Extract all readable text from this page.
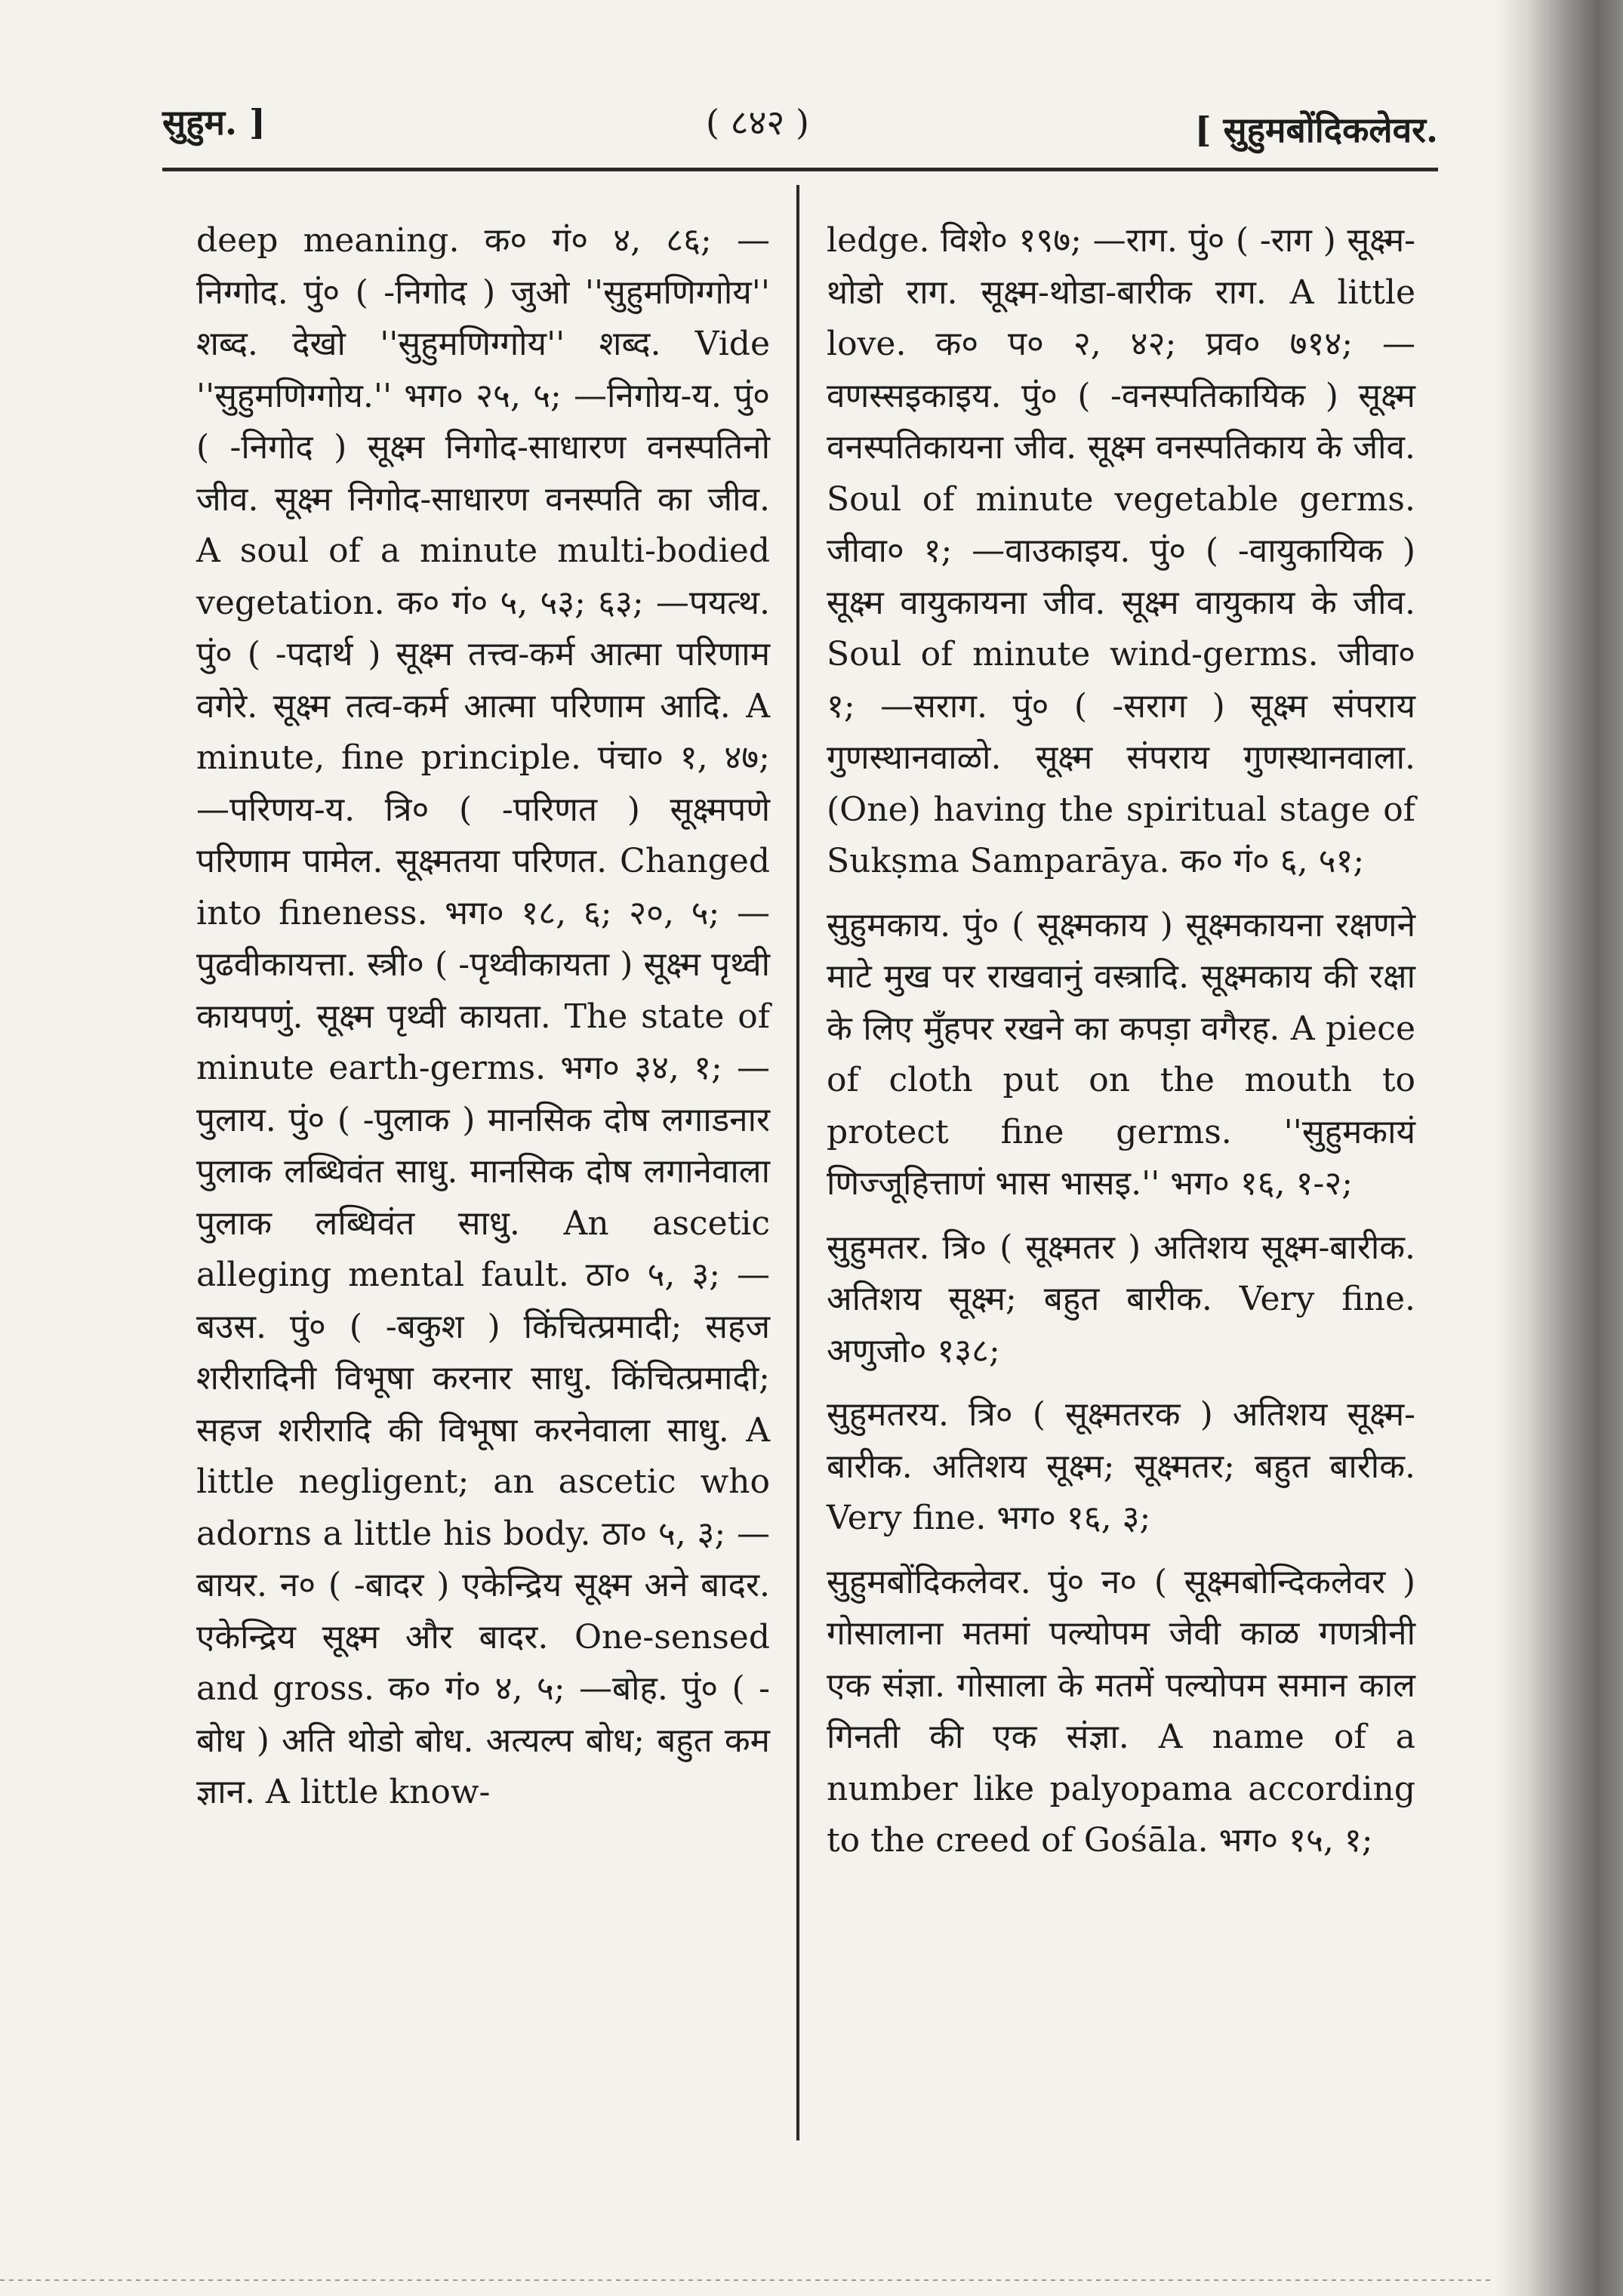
सुहुम. ]	( ८४२ )	[ सुहुमबोंदिकलेवर.

deep meaning. क० गं० ४, ८६; —निग्गोद. पुं० ( -निगोद ) जुओ ''सुहुमणिग्गोय'' शब्द. देखो ''सुहुमणिग्गोय'' शब्द. Vide ''सुहुमणिग्गोय.'' भग० २५, ५; —निगोय-य. पुं० ( -निगोद ) सूक्ष्म निगोद-साधारण वनस्पतिनो जीव. सूक्ष्म निगोद-साधारण वनस्पति का जीव. A soul of a minute multi-bodied vegetation. क० गं० ५, ५३; ६३; —पयत्थ. पुं० ( -पदार्थ ) सूक्ष्म तत्त्व-कर्म आत्मा परिणाम वगेरे. सूक्ष्म तत्व-कर्म आत्मा परिणाम आदि. A minute, fine principle. पंचा० १, ४७; —परिणय-य. त्रि० ( -परिणत ) सूक्ष्मपणे परिणाम पामेल. सूक्ष्मतया परिणत. Changed into fineness. भग० १८, ६; २०, ५; —पुढवीकायत्ता. स्त्री० ( -पृथ्वीकायता ) सूक्ष्म पृथ्वी कायपणुं. सूक्ष्म पृथ्वी कायता. The state of minute earth-germs. भग० ३४, १; —पुलाय. पुं० ( -पुलाक ) मानसिक दोष लगाडनार पुलाक लब्धिवंत साधु. मानसिक दोष लगानेवाला पुलाक लब्धिवंत साधु. An ascetic alleging mental fault. ठा० ५, ३; —बउस. पुं० ( -बकुश ) किंचित्प्रमादी; सहज शरीरादिनी विभूषा करनार साधु. किंचित्प्रमादी; सहज शरीरादि की विभूषा करनेवाला साधु. A little negligent; an ascetic who adorns a little his body. ठा० ५, ३; —बायर. न० ( -बादर ) एकेन्द्रिय सूक्ष्म अने बादर. एकेन्द्रिय सूक्ष्म और बादर. One-sensed and gross. क० गं० ४, ५; —बोह. पुं० ( -बोध ) अति थोडो बोध. अत्यल्प बोध; बहुत कम ज्ञान. A little know-

ledge. विशे० १९७; —राग. पुं० ( -राग ) सूक्ष्म-थोडो राग. सूक्ष्म-थोडा-बारीक राग. A little love. क० प० २, ४२; प्रव० ७१४; —वणस्सइकाइय. पुं० ( -वनस्पतिकायिक ) सूक्ष्म वनस्पतिकायना जीव. सूक्ष्म वनस्पतिकाय के जीव. Soul of minute vegetable germs. जीवा० १; —वाउकाइय. पुं० ( -वायुकायिक ) सूक्ष्म वायुकायना जीव. सूक्ष्म वायुकाय के जीव. Soul of minute wind-germs. जीवा० १; —सराग. पुं० ( -सराग ) सूक्ष्म संपराय गुणस्थानवाळो. सूक्ष्म संपराय गुणस्थानवाला. (One) having the spiritual stage of Sukṣma Samparāya. क० गं० ६, ५१;

सुहुमकाय. पुं० ( सूक्ष्मकाय ) सूक्ष्मकायना रक्षणने माटे मुख पर राखवानुं वस्त्रादि. सूक्ष्मकाय की रक्षा के लिए मुँहपर रखने का कपड़ा वगैरह. A piece of cloth put on the mouth to protect fine germs. ''सुहुमकायं णिज्जूहित्ताणं भास भासइ.'' भग० १६, १-२;

सुहुमतर. त्रि० ( सूक्ष्मतर ) अतिशय सूक्ष्म-बारीक. अतिशय सूक्ष्म; बहुत बारीक. Very fine. अणुजो० १३८;

सुहुमतरय. त्रि० ( सूक्ष्मतरक ) अतिशय सूक्ष्म-बारीक. अतिशय सूक्ष्म; सूक्ष्मतर; बहुत बारीक. Very fine. भग० १६, ३;

सुहुमबोंदिकलेवर. पुं० न० ( सूक्ष्मबोन्दिकलेवर ) गोसालाना मतमां पल्योपम जेवी काळ गणत्रीनी एक संज्ञा. गोसाला के मतमें पल्योपम समान काल गिनती की एक संज्ञा. A name of a number like palyopama according to the creed of Gośāla. भग० १५, १;
